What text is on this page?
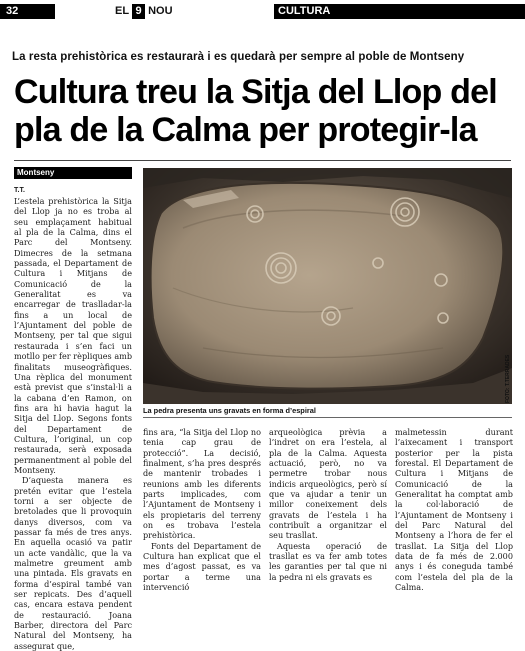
32	EL 9 NOU	CULTURA
La resta prehistòrica es restaurarà i es quedarà per sempre al poble de Montseny
Cultura treu la Sitja del Llop del
pla de la Calma per protegir-la
Montseny
T.T.

L’estela prehistòrica la Sitja del Llop ja no es troba al seu emplaçament habitual al pla de la Calma, dins el Parc del Montseny. Dimecres de la setmana passada, el Departament de Cultura i Mitjans de Comunicació de la Generalitat es va encarregar de traslladar-la fins a un local de l’Ajuntament del poble de Montseny, per tal que sigui restaurada i s’en faci un motllo per fer rèpliques amb finalitats museogràfiques. Una rèplica del monument està previst que s’instal·li a la cabana d’en Ramon, on fins ara hi havia hagut la Sitja del Llop. Segons fonts del Departament de Cultura, l’original, un cop restaurada, serà exposada permanentment al poble del Montseny.

D’aquesta manera es pretén evitar que l’estela torni a ser objecte de bretolades que li provoquin danys diversos, com va passar fa més de tres anys. En aquella ocasió va patir un acte vandàlic, que la va malmetre greument amb una pintada. Els gravats en forma d’espiral també van ser repicats. Des d’aquell cas, encara estava pendent de restauració. Joana Barber, directora del Parc Natural del Montseny, ha assegurat que,

FOTO: T.TERRADES
La pedra presenta uns gravats en forma d’espiral

fins ara, “la Sitja del Llop no tenia cap grau de protecció”. La decisió, finalment, s’ha pres després de mantenir trobades i reunions amb les diferents parts implicades, com l’Ajuntament de Montseny i els propietaris del terreny on es trobava l’estela prehistòrica.

Fonts del Departament de Cultura han explicat que el mes d’agost passat, es va portar a terme una intervenció

arqueològica prèvia a l’indret on era l’estela, al pla de la Calma. Aquesta actuació, però, no va permetre trobar nous indicis arqueològics, però sí que va ajudar a tenir un millor coneixement dels gravats de l’estela i ha contribuït a organitzar el seu trasllat.

Aquesta operació de trasllat es va fer amb totes les garanties per tal que ni la pedra ni els gravats es

malmetessin durant l’aixecament i transport posterior per la pista forestal. El Departament de Cultura i Mitjans de Comunicació de la Generalitat ha comptat amb la col·laboració de l’Ajuntament de Montseny i del Parc Natural del Montseny a l’hora de fer el trasllat. La Sitja del Llop data de fa més de 2.000 anys i és coneguda també com l’estela del pla de la Calma.
